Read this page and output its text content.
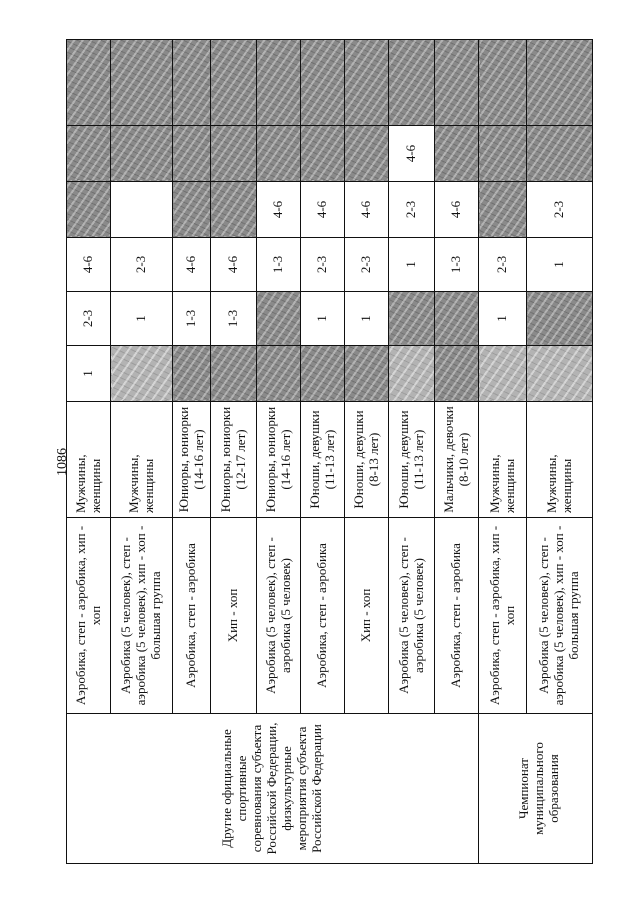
1086
Другие официальные спортивные соревнования субъекта Российской Федерации, физкультурные мероприятия субъекта Российской Федерации	Аэробика, степ - аэробика, хип - хоп	Мужчины, женщины	1	2-3	4-6			
	Аэробика (5 человек), степ - аэробика (5 человек), хип - хоп - большая группа	Мужчины, женщины		1	2-3			
	Аэробика, степ - аэробика	Юниоры, юниорки (14-16 лет)		1-3	4-6			
	Хип - хоп	Юниоры, юниорки (12-17 лет)		1-3	4-6			
	Аэробика (5 человек), степ - аэробика (5 человек)	Юниоры, юниорки (14-16 лет)			1-3	4-6		
	Аэробика, степ - аэробика	Юноши, девушки (11-13 лет)		1	2-3	4-6		
	Хип - хоп	Юноши, девушки (8-13 лет)		1	2-3	4-6		
	Аэробика (5 человек), степ - аэробика (5 человек)	Юноши, девушки (11-13 лет)			1	2-3	4-6	
	Аэробика, степ - аэробика	Мальчики, девочки (8-10 лет)			1-3	4-6		
Чемпионат муниципального образования	Аэробика, степ - аэробика, хип - хоп	Мужчины, женщины		1	2-3			
	Аэробика (5 человек), степ - аэробика (5 человек), хип - хоп - большая группа	Мужчины, женщины			1	2-3		
